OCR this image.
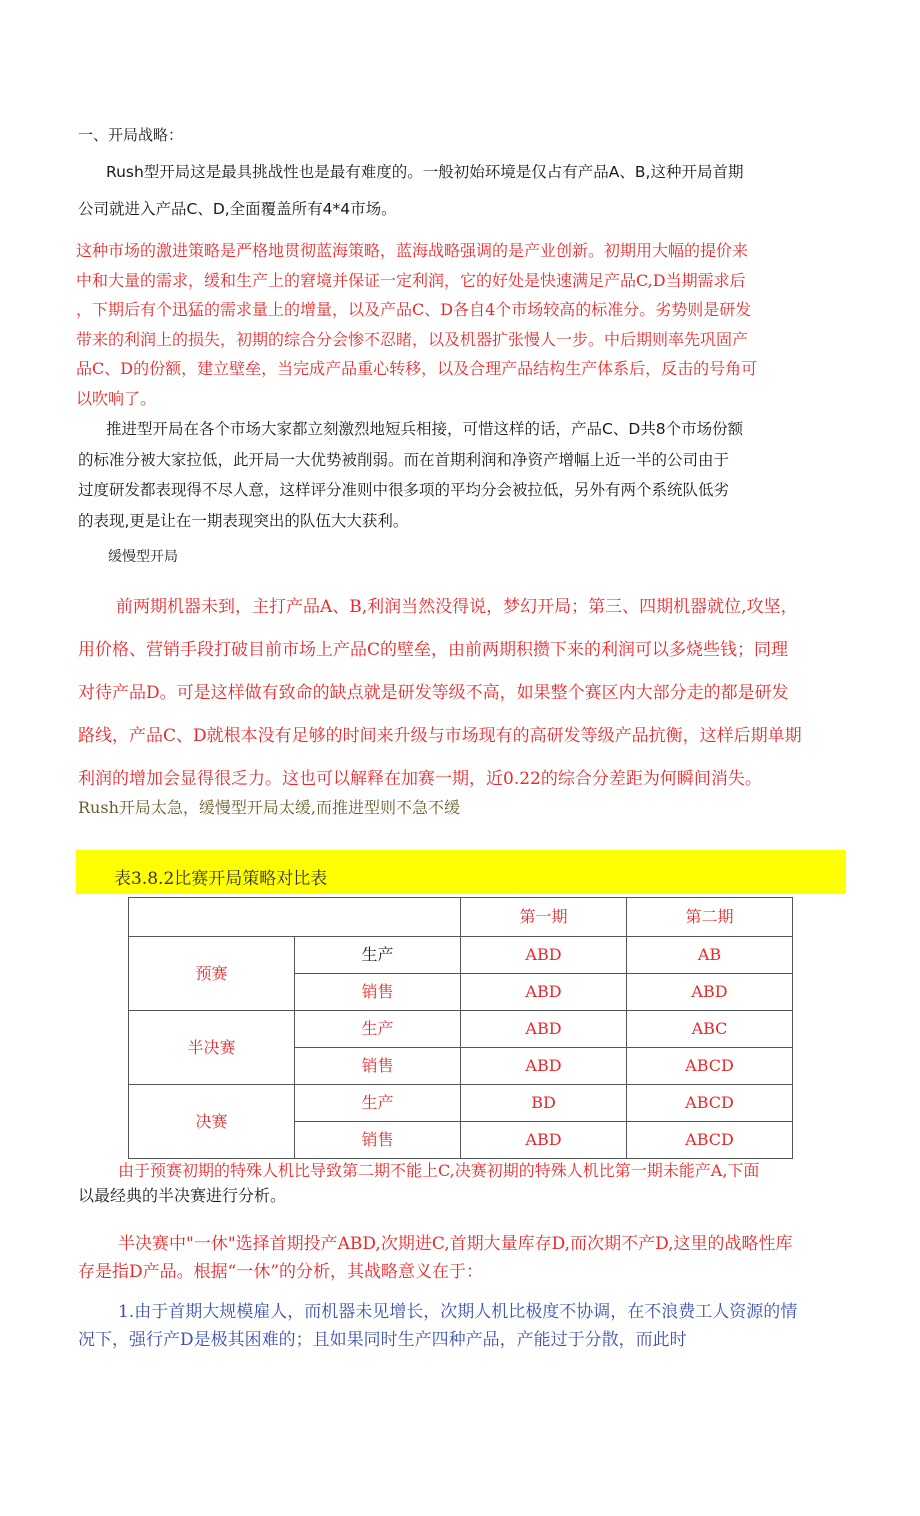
一、开局战略：
Rush型开局这是最具挑战性也是最有难度的。一般初始环境是仅占有产品A、B,这种开局首期
公司就进入产品C、D,全面覆盖所有4*4市场。
这种市场的激进策略是严格地贯彻蓝海策略，蓝海战略强调的是产业创新。初期用大幅的提价来
中和大量的需求，缓和生产上的窘境并保证一定利润，它的好处是快速满足产品C,D当期需求后
，下期后有个迅猛的需求量上的增量，以及产品C、D各自4个市场较高的标准分。劣势则是研发
带来的利润上的损失，初期的综合分会惨不忍睹，以及机器扩张慢人一步。中后期则率先巩固产
品C、D的份额，建立壁垒，当完成产品重心转移，以及合理产品结构生产体系后，反击的号角可
以吹响了。
推进型开局在各个市场大家都立刻激烈地短兵相接，可惜这样的话，产品C、D共8个市场份额
的标准分被大家拉低，此开局一大优势被削弱。而在首期利润和净资产增幅上近一半的公司由于
过度研发都表现得不尽人意，这样评分准则中很多项的平均分会被拉低，另外有两个系统队低劣
的表现,更是让在一期表现突出的队伍大大获利。
缓慢型开局
前两期机器未到，主打产品A、B,利润当然没得说，梦幻开局；第三、四期机器就位,攻坚，
用价格、营销手段打破目前市场上产品C的壁垒，由前两期积攒下来的利润可以多烧些钱；同理
对待产品D。可是这样做有致命的缺点就是研发等级不高，如果整个赛区内大部分走的都是研发
路线，产品C、D就根本没有足够的时间来升级与市场现有的高研发等级产品抗衡，这样后期单期
利润的增加会显得很乏力。这也可以解释在加赛一期，近0.22的综合分差距为何瞬间消失。
Rush开局太急，缓慢型开局太缓,而推进型则不急不缓
表3.8.2比赛开局策略对比表
		第一期	第二期
预赛	生产	ABD	AB
	销售	ABD	ABD
半决赛	生产	ABD	ABC
	销售	ABD	ABCD
决赛	生产	BD	ABCD
	销售	ABD	ABCD
由于预赛初期的特殊人机比导致第二期不能上C,决赛初期的特殊人机比第一期未能产A,下面
以最经典的半决赛进行分析。
半决赛中"一休"选择首期投产ABD,次期进C,首期大量库存D,而次期不产D,这里的战略性库
存是指D产品。根据“一休”的分析，其战略意义在于：
1.由于首期大规模雇人，而机器未见增长，次期人机比极度不协调，在不浪费工人资源的情
况下，强行产D是极其困难的；且如果同时生产四种产品，产能过于分散，而此时
